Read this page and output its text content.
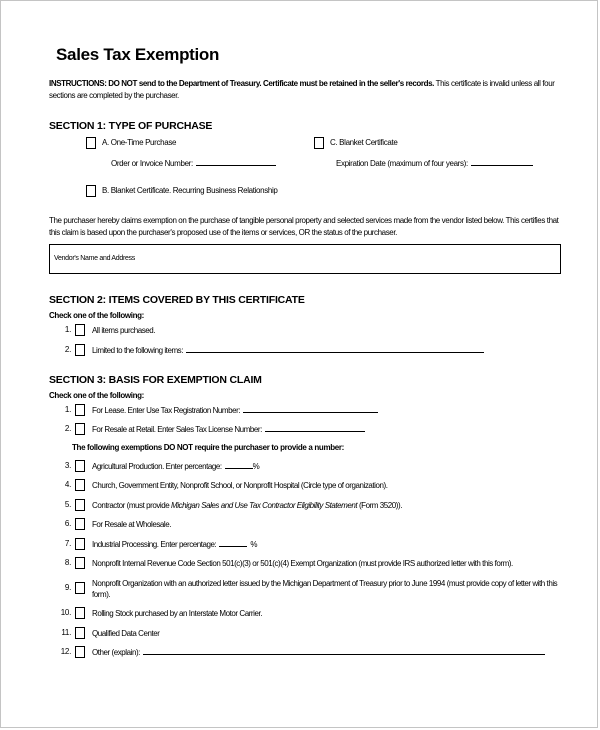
Sales Tax Exemption

INSTRUCTIONS: DO NOT send to the Department of Treasury. Certificate must be retained in the seller's records. This certificate is invalid unless all four sections are completed by the purchaser.

SECTION 1: TYPE OF PURCHASE
A. One-Time Purchase	C. Blanket Certificate
Order or Invoice Number:	Expiration Date (maximum of four years):
B. Blanket Certificate. Recurring Business Relationship

The purchaser hereby claims exemption on the purchase of tangible personal property and selected services made from the vendor listed below. This certifies that this claim is based upon the purchaser's proposed use of the items or services, OR the status of the purchaser.

Vendor's Name and Address
SECTION 2: ITEMS COVERED BY THIS CERTIFICATE
Check one of the following:
1.	All items purchased.
2.	Limited to the following items:
SECTION 3: BASIS FOR EXEMPTION CLAIM
Check one of the following:
1.	For Lease. Enter Use Tax Registration Number:
2.	For Resale at Retail. Enter Sales Tax License Number:
The following exemptions DO NOT require the purchaser to provide a number:
3.	Agricultural Production. Enter percentage:	%
4.	Church, Government Entity, Nonprofit School, or Nonprofit Hospital (Circle type of organization).
5.	Contractor (must provide Michigan Sales and Use Tax Contractor Eligibility Statement (Form 3520)).
6.	For Resale at Wholesale.
7.	Industrial Processing. Enter percentage:	%
8.	Nonprofit Internal Revenue Code Section 501(c)(3) or 501(c)(4) Exempt Organization (must provide IRS authorized letter with this form).
9.	Nonprofit Organization with an authorized letter issued by the Michigan Department of Treasury prior to June 1994 (must provide copy of letter with this form).
10.	Rolling Stock purchased by an Interstate Motor Carrier.
11.	Qualified Data Center
12.	Other (explain):
